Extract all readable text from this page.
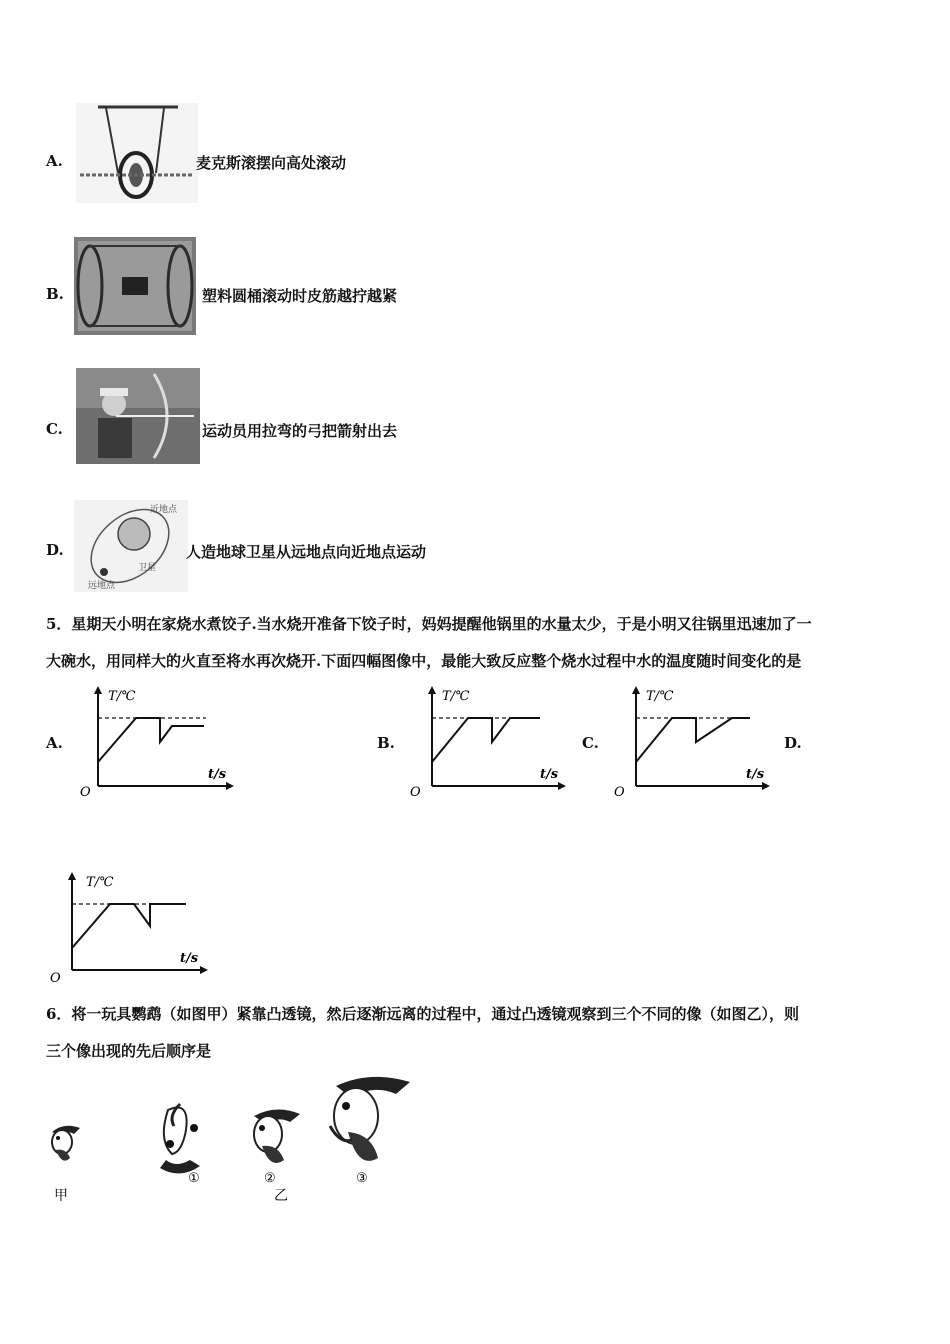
A.	麦克斯滚摆向高处滚动
B.	塑料圆桶滚动时皮筋越拧越紧
C.	运动员用拉弯的弓把箭射出去
D.
近地点
卫星
远地点
人造地球卫星从远地点向近地点运动
5．星期天小明在家烧水煮饺子.当水烧开准备下饺子时，妈妈提醒他锅里的水量太少，于是小明又往锅里迅速加了一
大碗水，用同样大的火直至将水再次烧开.下面四幅图像中，最能大致反应整个烧水过程中水的温度随时间变化的是
A.	B.	C.	D.
T/℃
t/s
O
T/℃
t/s
O
T/℃
t/s
O
T/℃
t/s
O
6．将一玩具鹦鹉（如图甲）紧靠凸透镜，然后逐渐远离的过程中，通过凸透镜观察到三个不同的像（如图乙），则
三个像出现的先后顺序是
甲
①	②	③
乙
